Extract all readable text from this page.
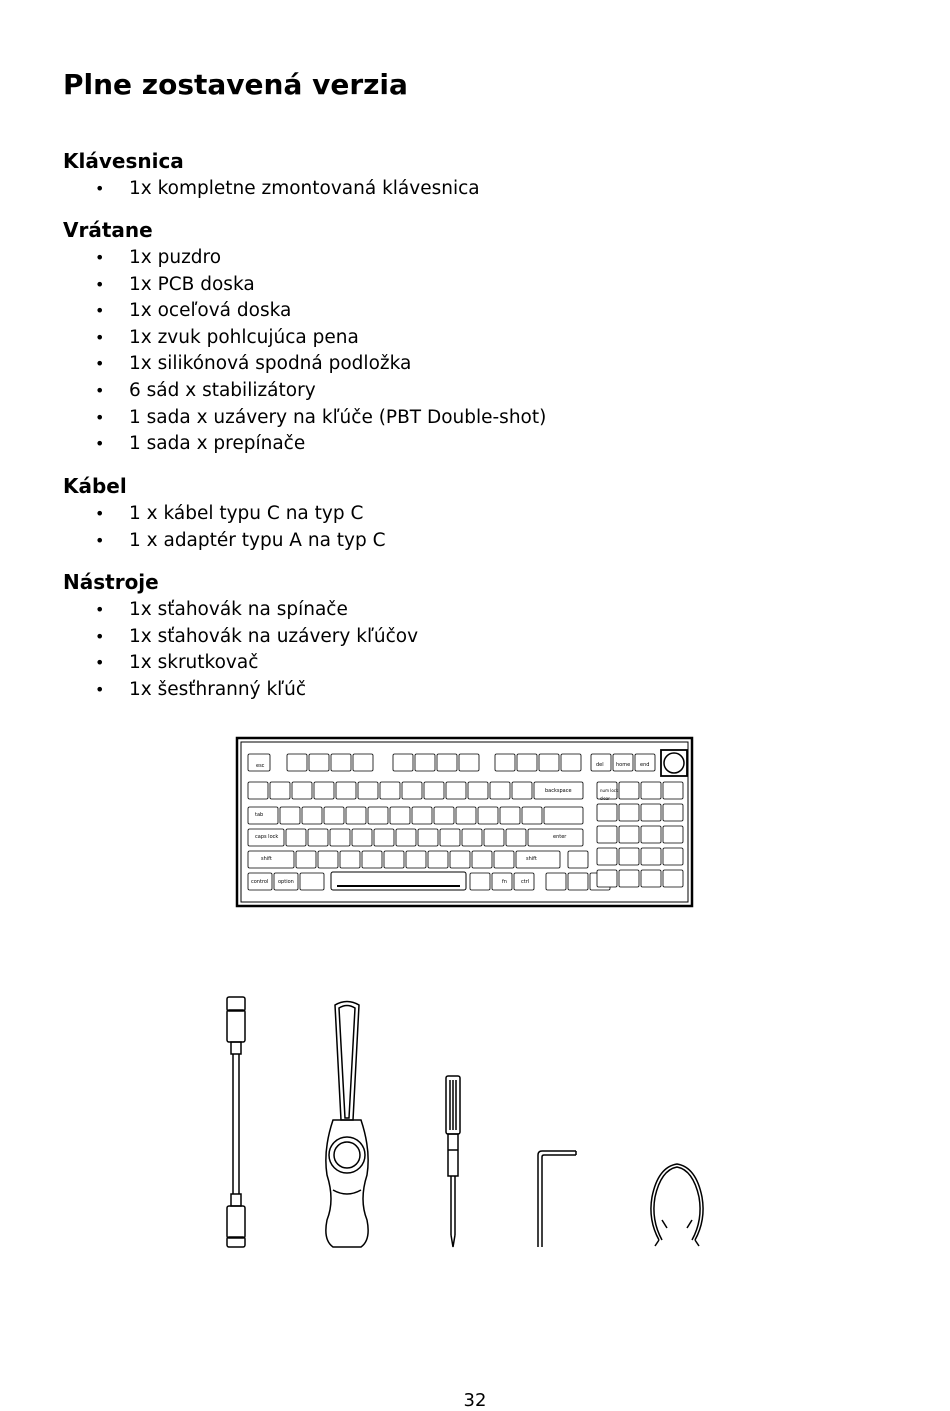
Plne zostavená verzia
Klávesnica
• 1x kompletne zmontovaná klávesnica
Vrátane
• 1x puzdro
• 1x PCB doska
• 1x oceľová doska
• 1x zvuk pohlcujúca pena
• 1x silikónová spodná podložka
• 6 sád x stabilizátory
• 1 sada x uzávery na kľúče (PBT Double-shot)
• 1 sada x prepínače
Kábel
• 1 x kábel typu C na typ C
• 1 x adaptér typu A na typ C
Nástroje
• 1x sťahovák na spínače
• 1x sťahovák na uzávery kľúčov
• 1x skrutkovač
• 1x šesťhranný kľúč
esc
tab
caps lock
shift
backspace
enter
shift
control option	fn	ctrl
del home end
num lock
clear
32
